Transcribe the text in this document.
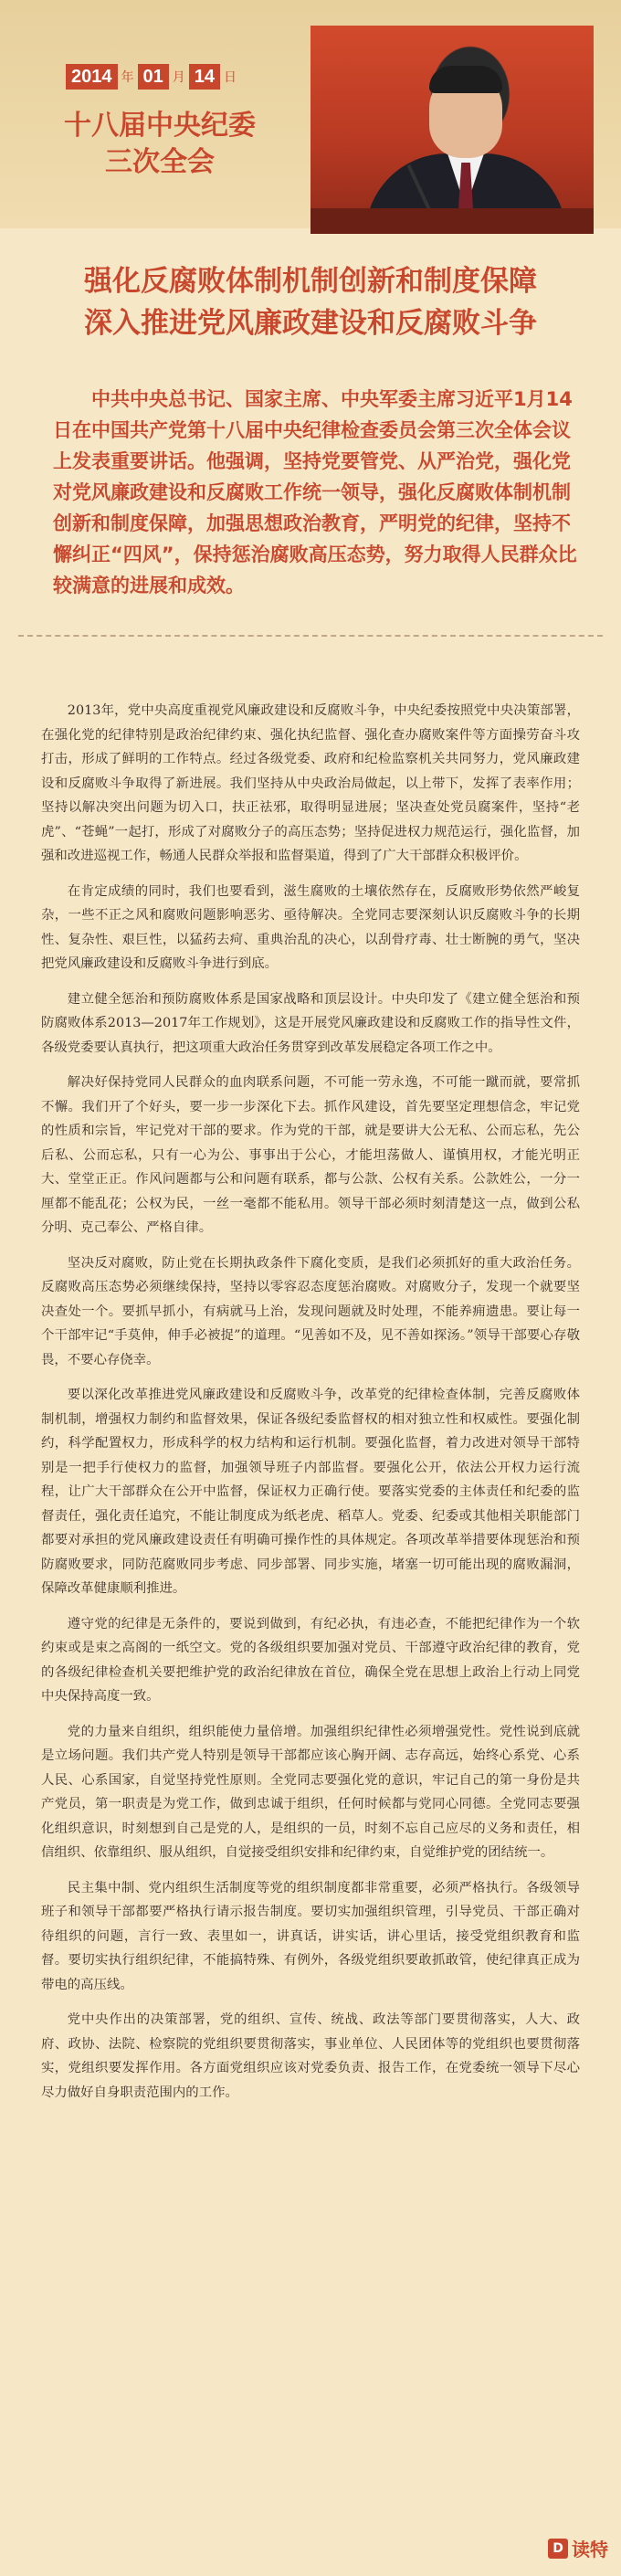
2014 年 01 月 14 日
十八届中央纪委
三次全会
强化反腐败体制机制创新和制度保障
深入推进党风廉政建设和反腐败斗争
中共中央总书记、国家主席、中央军委主席习近平1月14日在中国共产党第十八届中央纪律检查委员会第三次全体会议上发表重要讲话。他强调，坚持党要管党、从严治党，强化党对党风廉政建设和反腐败工作统一领导，强化反腐败体制机制创新和制度保障，加强思想政治教育，严明党的纪律，坚持不懈纠正“四风”，保持惩治腐败高压态势，努力取得人民群众比较满意的进展和成效。

2013年，党中央高度重视党风廉政建设和反腐败斗争，中央纪委按照党中央决策部署，在强化党的纪律特别是政治纪律约束、强化执纪监督、强化查办腐败案件等方面操劳奋斗攻打击，形成了鲜明的工作特点。经过各级党委、政府和纪检监察机关共同努力，党风廉政建设和反腐败斗争取得了新进展。我们坚持从中央政治局做起，以上带下，发挥了表率作用；坚持以解决突出问题为切入口，扶正祛邪，取得明显进展；坚决查处党员腐案件，坚持“老虎”、“苍蝇”一起打，形成了对腐败分子的高压态势；坚持促进权力规范运行，强化监督，加强和改进巡视工作，畅通人民群众举报和监督渠道，得到了广大干部群众积极评价。

在肯定成绩的同时，我们也要看到，滋生腐败的土壤依然存在，反腐败形势依然严峻复杂，一些不正之风和腐败问题影响恶劣、亟待解决。全党同志要深刻认识反腐败斗争的长期性、复杂性、艰巨性，以猛药去疴、重典治乱的决心，以刮骨疗毒、壮士断腕的勇气，坚决把党风廉政建设和反腐败斗争进行到底。

建立健全惩治和预防腐败体系是国家战略和顶层设计。中央印发了《建立健全惩治和预防腐败体系2013—2017年工作规划》，这是开展党风廉政建设和反腐败工作的指导性文件，各级党委要认真执行，把这项重大政治任务贯穿到改革发展稳定各项工作之中。

解决好保持党同人民群众的血肉联系问题，不可能一劳永逸，不可能一蹴而就，要常抓不懈。我们开了个好头，要一步一步深化下去。抓作风建设，首先要坚定理想信念，牢记党的性质和宗旨，牢记党对干部的要求。作为党的干部，就是要讲大公无私、公而忘私，先公后私、公而忘私，只有一心为公、事事出于公心，才能坦荡做人、谨慎用权，才能光明正大、堂堂正正。作风问题都与公和问题有联系，都与公款、公权有关系。公款姓公，一分一厘都不能乱花；公权为民，一丝一毫都不能私用。领导干部必须时刻清楚这一点，做到公私分明、克己奉公、严格自律。

坚决反对腐败，防止党在长期执政条件下腐化变质，是我们必须抓好的重大政治任务。反腐败高压态势必须继续保持，坚持以零容忍态度惩治腐败。对腐败分子，发现一个就要坚决查处一个。要抓早抓小，有病就马上治，发现问题就及时处理，不能养痈遗患。要让每一个干部牢记“手莫伸，伸手必被捉”的道理。“见善如不及，见不善如探汤。”领导干部要心存敬畏，不要心存侥幸。

要以深化改革推进党风廉政建设和反腐败斗争，改革党的纪律检查体制，完善反腐败体制机制，增强权力制约和监督效果，保证各级纪委监督权的相对独立性和权威性。要强化制约，科学配置权力，形成科学的权力结构和运行机制。要强化监督，着力改进对领导干部特别是一把手行使权力的监督，加强领导班子内部监督。要强化公开，依法公开权力运行流程，让广大干部群众在公开中监督，保证权力正确行使。要落实党委的主体责任和纪委的监督责任，强化责任追究，不能让制度成为纸老虎、稻草人。党委、纪委或其他相关职能部门都要对承担的党风廉政建设责任有明确可操作性的具体规定。各项改革举措要体现惩治和预防腐败要求，同防范腐败同步考虑、同步部署、同步实施，堵塞一切可能出现的腐败漏洞，保障改革健康顺利推进。

遵守党的纪律是无条件的，要说到做到，有纪必执，有违必查，不能把纪律作为一个软约束或是束之高阁的一纸空文。党的各级组织要加强对党员、干部遵守政治纪律的教育，党的各级纪律检查机关要把维护党的政治纪律放在首位，确保全党在思想上政治上行动上同党中央保持高度一致。

党的力量来自组织，组织能使力量倍增。加强组织纪律性必须增强党性。党性说到底就是立场问题。我们共产党人特别是领导干部都应该心胸开阔、志存高远，始终心系党、心系人民、心系国家，自觉坚持党性原则。全党同志要强化党的意识，牢记自己的第一身份是共产党员，第一职责是为党工作，做到忠诚于组织，任何时候都与党同心同德。全党同志要强化组织意识，时刻想到自己是党的人，是组织的一员，时刻不忘自己应尽的义务和责任，相信组织、依靠组织、服从组织，自觉接受组织安排和纪律约束，自觉维护党的团结统一。

民主集中制、党内组织生活制度等党的组织制度都非常重要，必须严格执行。各级领导班子和领导干部都要严格执行请示报告制度。要切实加强组织管理，引导党员、干部正确对待组织的问题，言行一致、表里如一，讲真话，讲实话，讲心里话，接受党组织教育和监督。要切实执行组织纪律，不能搞特殊、有例外，各级党组织要敢抓敢管，使纪律真正成为带电的高压线。

党中央作出的决策部署，党的组织、宣传、统战、政法等部门要贯彻落实，人大、政府、政协、法院、检察院的党组织要贯彻落实，事业单位、人民团体等的党组织也要贯彻落实，党组织要发挥作用。各方面党组织应该对党委负责、报告工作，在党委统一领导下尽心尽力做好自身职责范围内的工作。

D 读特
